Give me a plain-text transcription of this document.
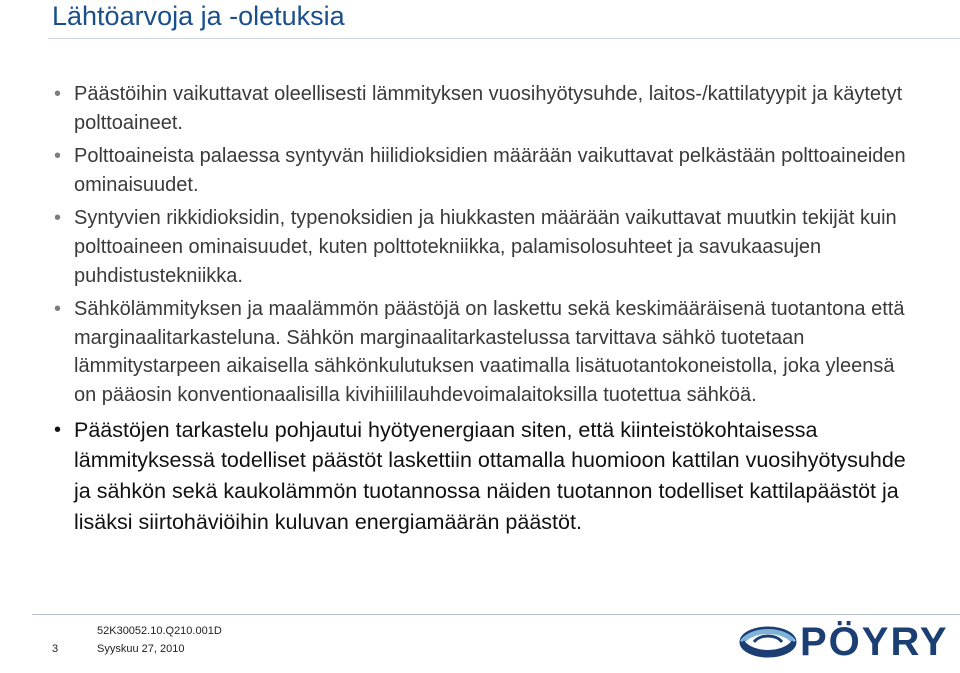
Lähtöarvoja ja -oletuksia
• Päästöihin vaikuttavat oleellisesti lämmityksen vuosihyötysuhde, laitos-/kattilatyypit ja käytetyt polttoaineet.
• Polttoaineista palaessa syntyvän hiilidioksidien määrään vaikuttavat pelkästään polttoaineiden ominaisuudet.
• Syntyvien rikkidioksidin, typenoksidien ja hiukkasten määrään vaikuttavat muutkin tekijät kuin polttoaineen ominaisuudet, kuten polttotekniikka, palamisolosuhteet ja savukaasujen puhdistustekniikka.
• Sähkölämmityksen ja maalämmön päästöjä on laskettu sekä keskimääräisenä tuotantona että marginaalitarkasteluna. Sähkön marginaalitarkastelussa tarvittava sähkö tuotetaan lämmitystarpeen aikaisella sähkönkulutuksen vaatimalla lisätuotantokoneistolla, joka yleensä on pääosin konventionaalisilla kivihiililauhdevoimalaitoksilla tuotettua sähköä.
• Päästöjen tarkastelu pohjautui hyötyenergiaan siten, että kiinteistökohtaisessa lämmityksessä todelliset päästöt laskettiin ottamalla huomioon kattilan vuosihyötysuhde ja sähkön sekä kaukolämmön tuotannossa näiden tuotannon todelliset kattilapäästöt ja lisäksi siirtohäviöihin kuluvan energiamäärän päästöt.
52K30052.10.Q210.001D
3	Syyskuu 27, 2010	PÖYRY
